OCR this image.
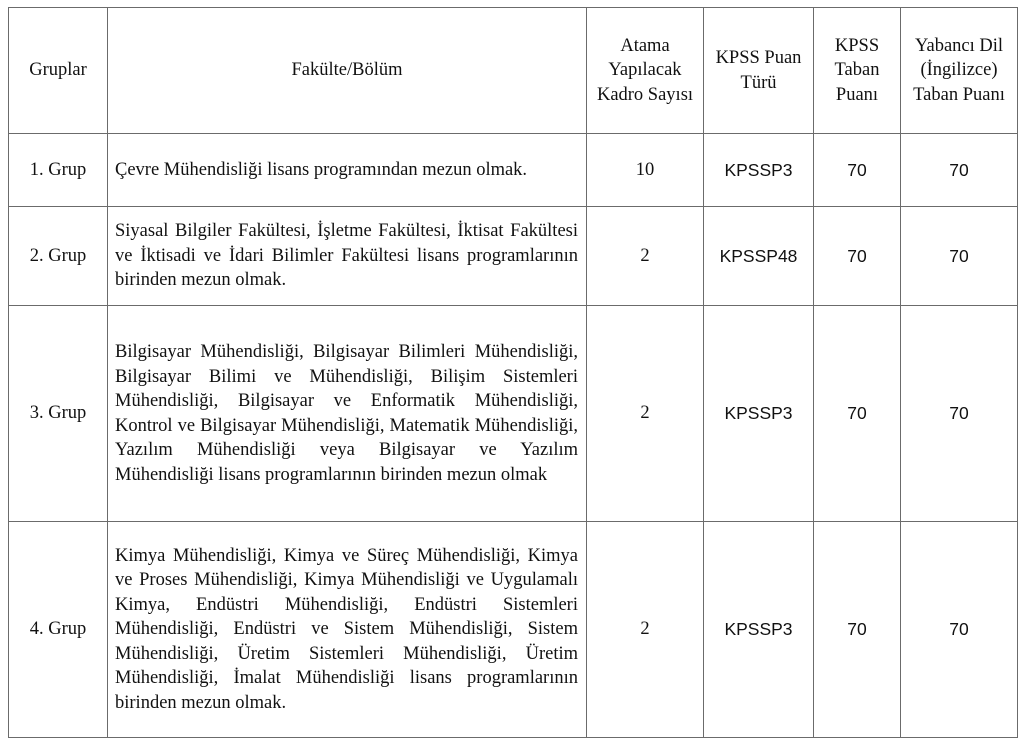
Gruplar	Fakülte/Bölüm	Atama Yapılacak Kadro Sayısı	KPSS Puan Türü	KPSS Taban Puanı	Yabancı Dil (İngilizce) Taban Puanı
1. Grup	Çevre Mühendisliği lisans programından mezun olmak.	10	KPSSP3	70	70
2. Grup	Siyasal Bilgiler Fakültesi, İşletme Fakültesi, İktisat Fakültesi ve İktisadi ve İdari Bilimler Fakültesi lisans programlarının birinden mezun olmak.	2	KPSSP48	70	70
3. Grup	Bilgisayar Mühendisliği, Bilgisayar Bilimleri Mühendisliği, Bilgisayar Bilimi ve Mühendisliği, Bilişim Sistemleri Mühendisliği, Bilgisayar ve Enformatik Mühendisliği, Kontrol ve Bilgisayar Mühendisliği, Matematik Mühendisliği, Yazılım Mühendisliği veya Bilgisayar ve Yazılım Mühendisliği lisans programlarının birinden mezun olmak	2	KPSSP3	70	70
4. Grup	Kimya Mühendisliği, Kimya ve Süreç Mühendisliği, Kimya ve Proses Mühendisliği, Kimya Mühendisliği ve Uygulamalı Kimya, Endüstri Mühendisliği, Endüstri Sistemleri Mühendisliği, Endüstri ve Sistem Mühendisliği, Sistem Mühendisliği, Üretim Sistemleri Mühendisliği, Üretim Mühendisliği, İmalat Mühendisliği lisans programlarının birinden mezun olmak.	2	KPSSP3	70	70
